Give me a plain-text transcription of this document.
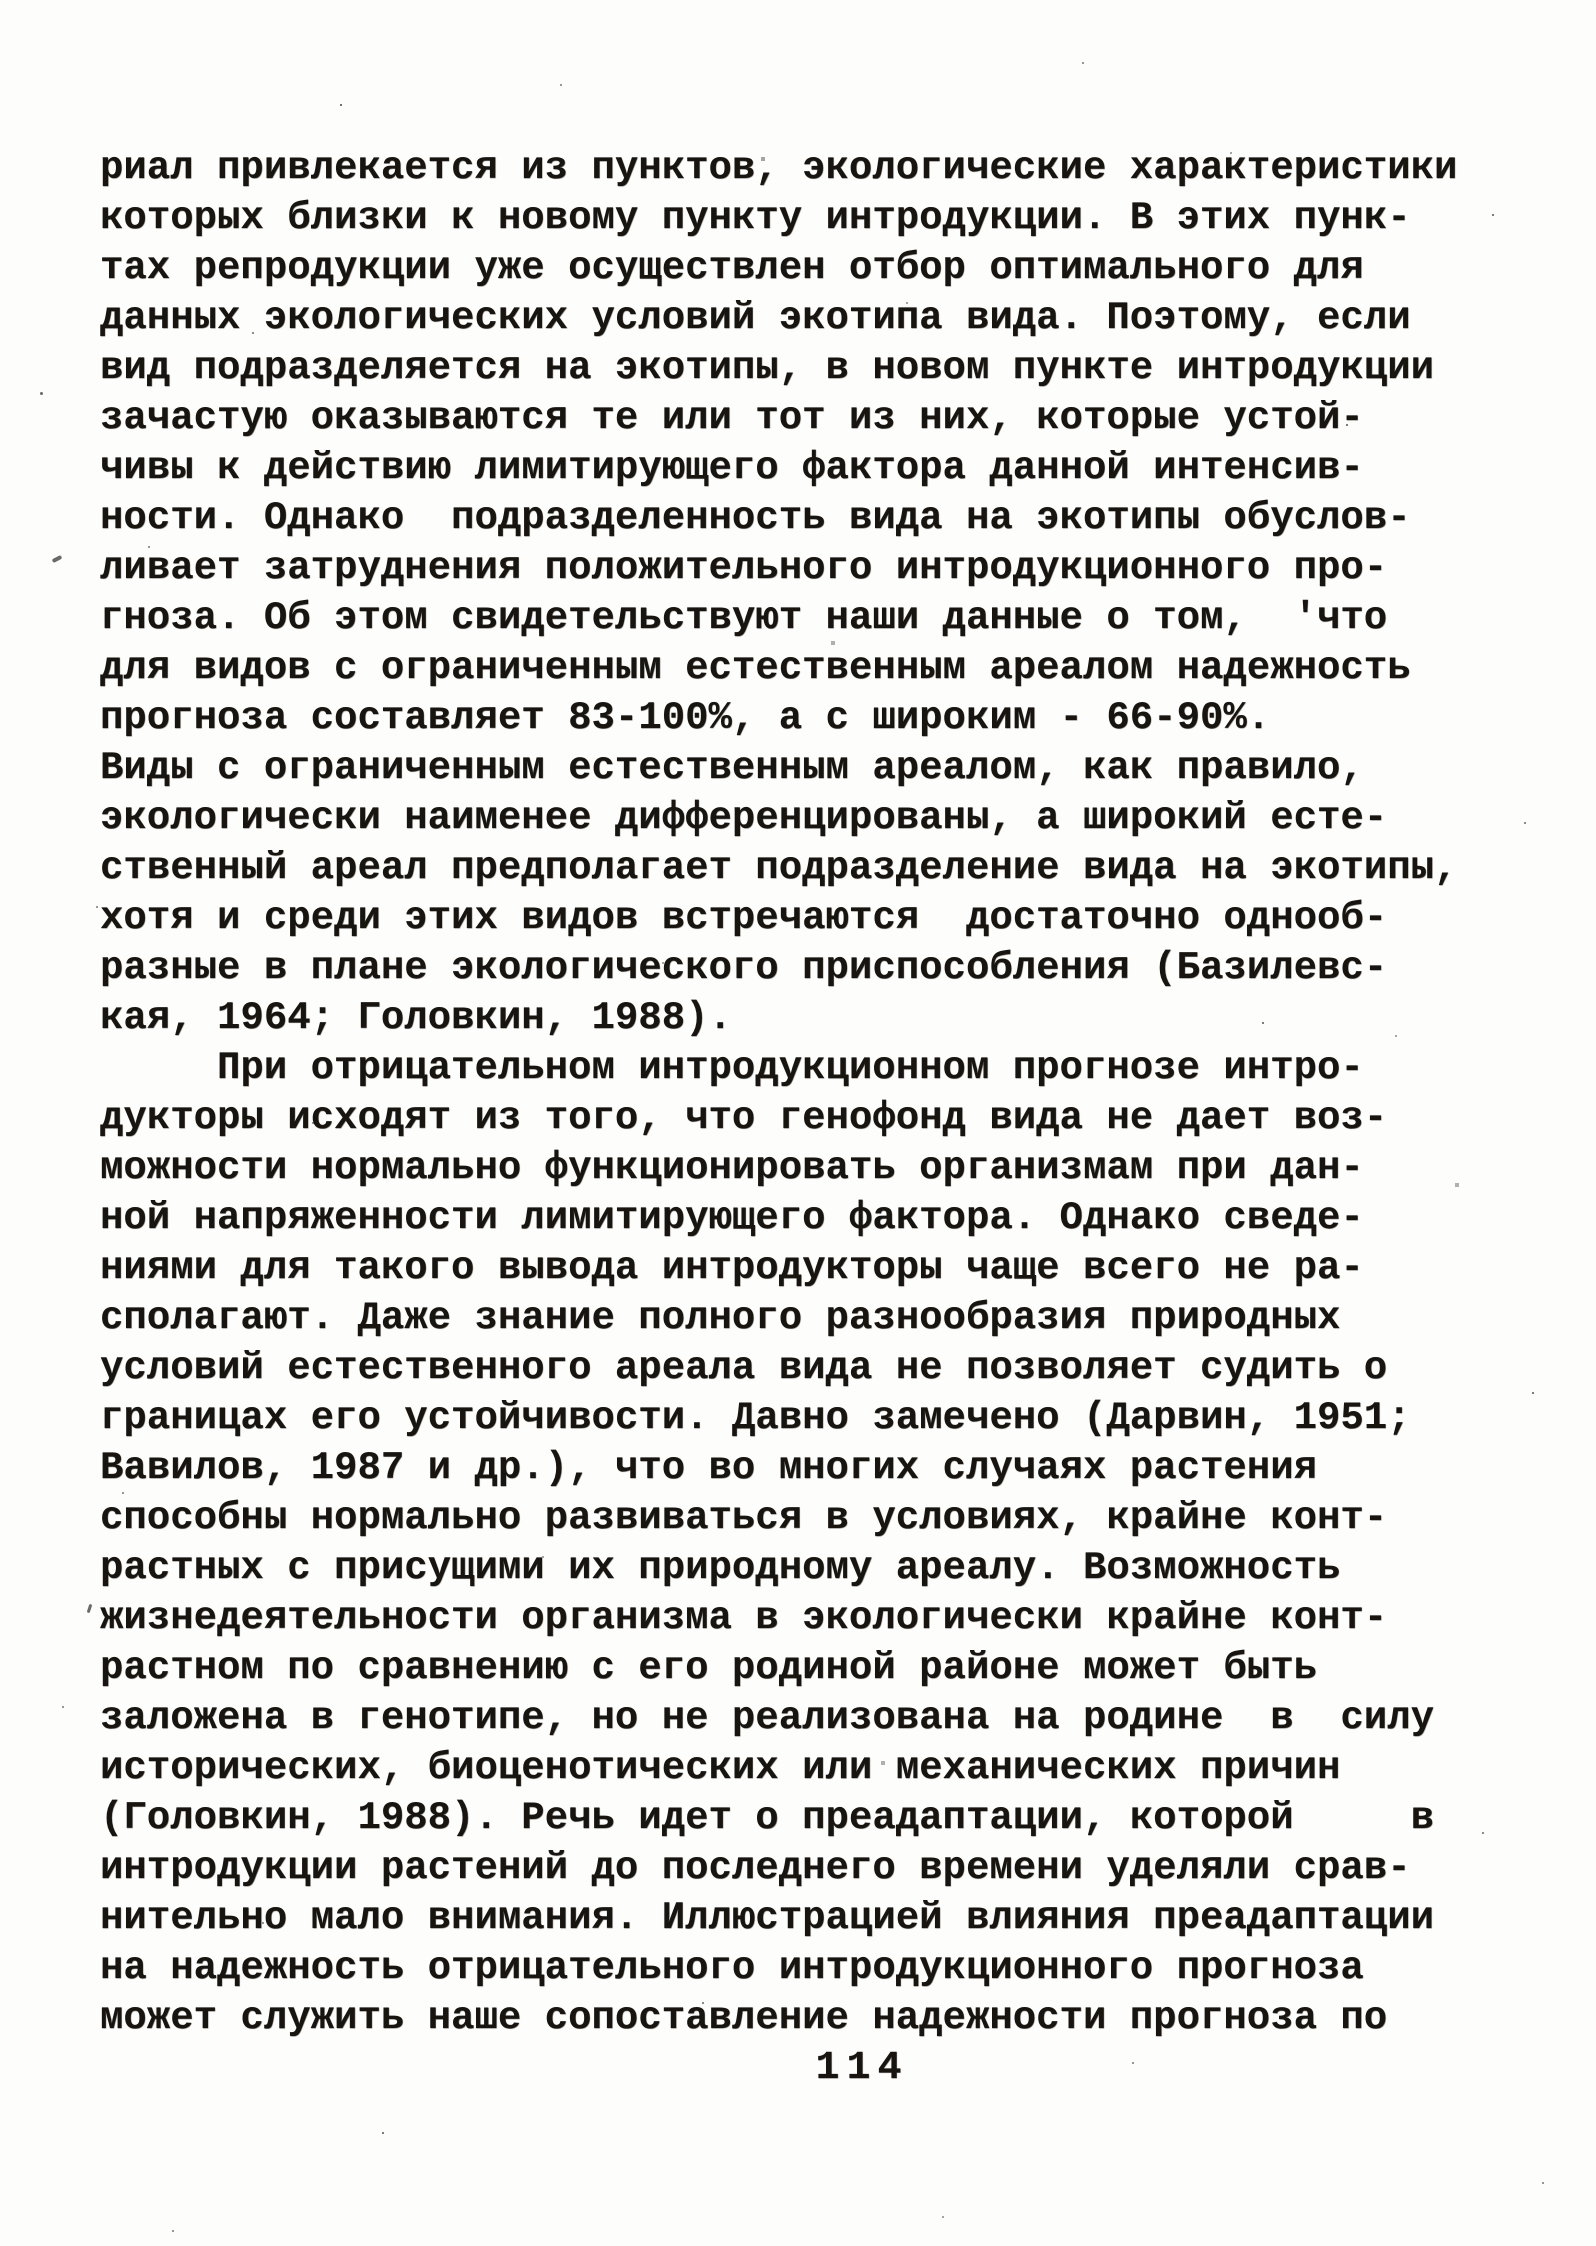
риал привлекается из пунктов, экологические характеристики
которых близки к новому пункту интродукции. В этих пунк-
тах репродукции уже осуществлен отбор оптимального для
данных экологических условий экотипа вида. Поэтому, если
вид подразделяется на экотипы, в новом пункте интродукции
зачастую оказываются те или тот из них, которые устой-
чивы к действию лимитирующего фактора данной интенсив-
ности. Однако  подразделенность вида на экотипы обуслов-
ливает затруднения положительного интродукционного про-
гноза. Об этом свидетельствуют наши данные о том,  'что
для видов с ограниченным естественным ареалом надежность
прогноза составляет 83-100%, а с широким - 66-90%.
Виды с ограниченным естественным ареалом, как правило,
экологически наименее дифференцированы, а широкий есте-
ственный ареал предполагает подразделение вида на экотипы,
хотя и среди этих видов встречаются  достаточно однооб-
разные в плане экологического приспособления (Базилевс-
кая, 1964; Головкин, 1988).
При отрицательном интродукционном прогнозе интро-
дукторы исходят из того, что генофонд вида не дает воз-
можности нормально функционировать организмам при дан-
ной напряженности лимитирующего фактора. Однако сведе-
ниями для такого вывода интродукторы чаще всего не ра-
сполагают. Даже знание полного разнообразия природных
условий естественного ареала вида не позволяет судить о
границах его устойчивости. Давно замечено (Дарвин, 1951;
Вавилов, 1987 и др.), что во многих случаях растения
способны нормально развиваться в условиях, крайне конт-
растных с присущими их природному ареалу. Возможность
жизнедеятельности организма в экологически крайне конт-
растном по сравнению с его родиной районе может быть
заложена в генотипе, но не реализована на родине  в  силу
исторических, биоценотических или механических причин
(Головкин, 1988). Речь идет о преадаптации, которой     в
интродукции растений до последнего времени уделяли срав-
нительно мало внимания. Иллюстрацией влияния преадаптации
на надежность отрицательного интродукционного прогноза
может служить наше сопоставление надежности прогноза по
114
